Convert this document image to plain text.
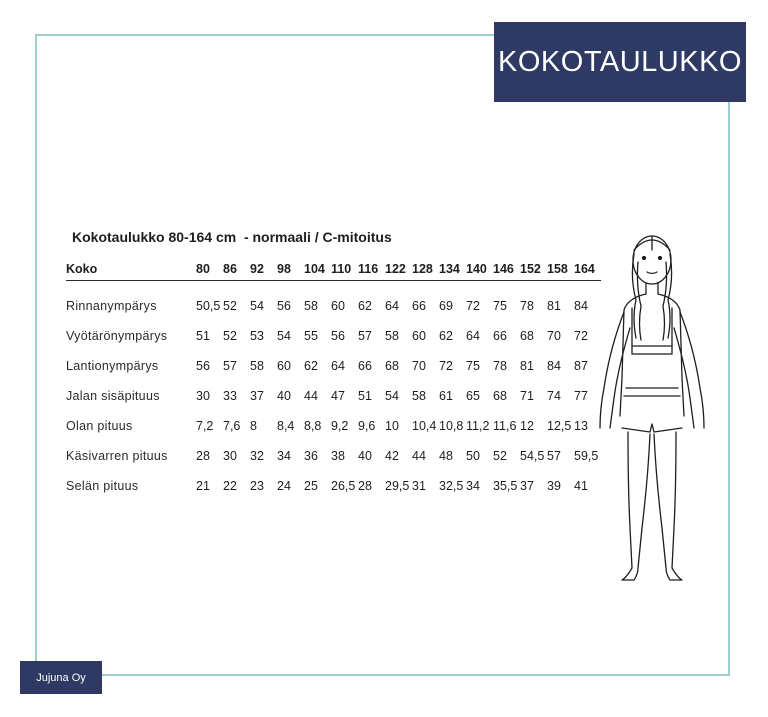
KOKOTAULUKKO
Kokotaulukko 80-164 cm  - normaali / C-mitoitus
Koko	80	86	92	98	104	110	116	122	128	134	140	146	152	158	164
Rinnanympärys	50,5	52	54	56	58	60	62	64	66	69	72	75	78	81	84
Vyötärönympärys	51	52	53	54	55	56	57	58	60	62	64	66	68	70	72
Lantionympärys	56	57	58	60	62	64	66	68	70	72	75	78	81	84	87
Jalan sisäpituus	30	33	37	40	44	47	51	54	58	61	65	68	71	74	77
Olan pituus	7,2	7,6	8	8,4	8,8	9,2	9,6	10	10,4	10,8	11,2	11,6	12	12,5	13
Käsivarren pituus	28	30	32	34	36	38	40	42	44	48	50	52	54,5	57	59,5
Selän pituus	21	22	23	24	25	26,5	28	29,5	31	32,5	34	35,5	37	39	41
Jujuna Oy
